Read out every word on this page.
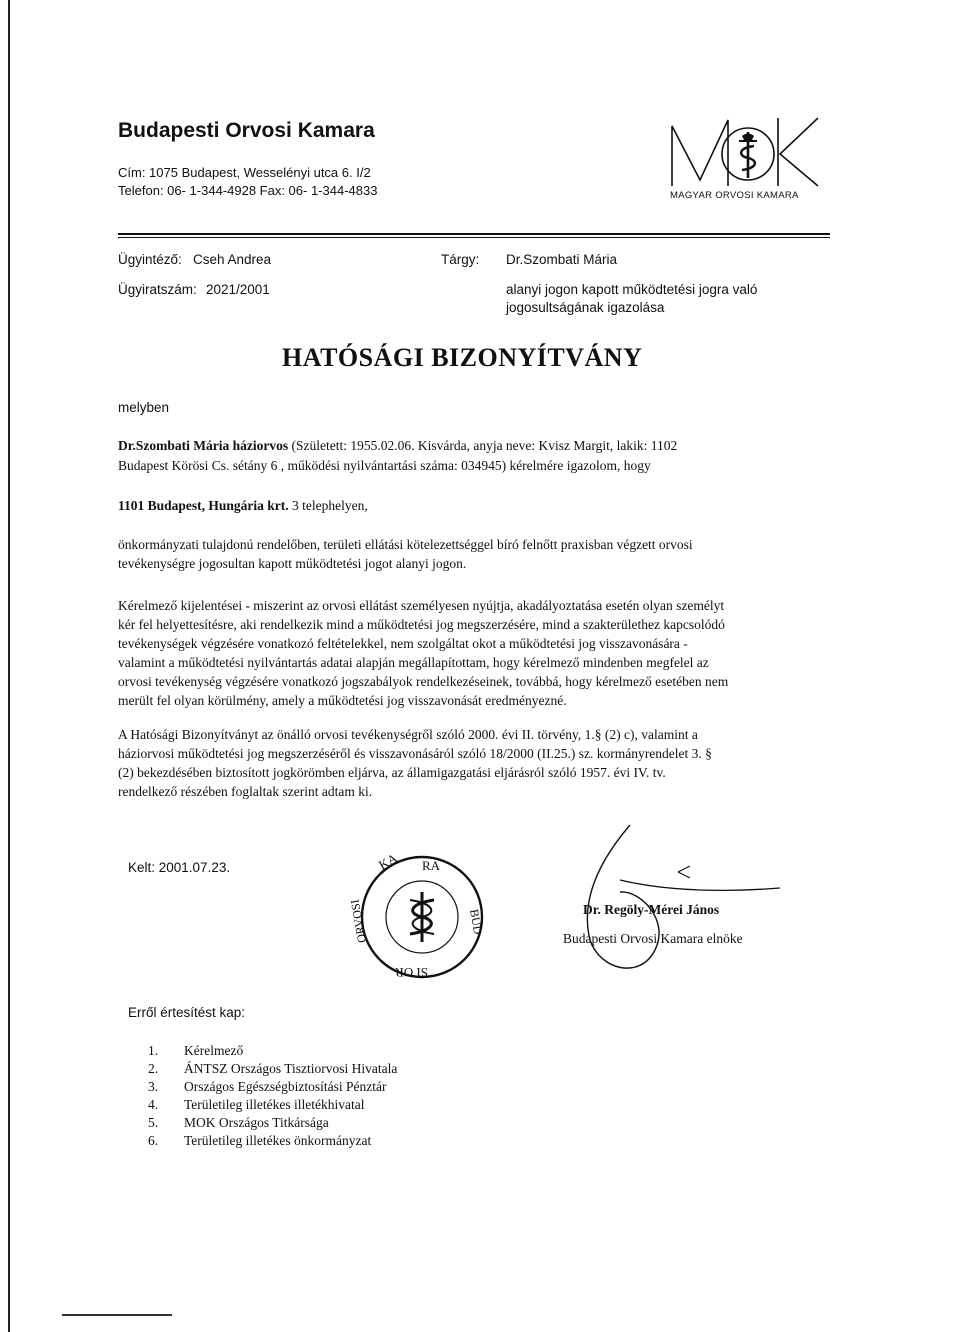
Budapesti Orvosi Kamara
Cím: 1075 Budapest, Wesselényi utca 6. I/2
Telefon: 06- 1-344-4928 Fax: 06- 1-344-4833	MAGYAR ORVOSI KAMARA
Ügyintéző: Cseh Andrea
Ügyiratszám: 2021/2001
Tárgy: Dr.Szombati Mária
alanyi jogon kapott működtetési jogra való
jogosultságának igazolása
HATÓSÁGI BIZONYÍTVÁNY
melyben
Dr.Szombati Mária háziorvos (Született: 1955.02.06. Kisvárda, anyja neve: Kvisz Margit, lakik: 1102
Budapest Körösi Cs. sétány 6 , működési nyilvántartási száma: 034945) kérelmére igazolom, hogy
1101 Budapest, Hungária krt. 3 telephelyen,
önkormányzati tulajdonú rendelőben, területi ellátási kötelezettséggel bíró felnőtt praxisban végzett orvosi
tevékenységre jogosultan kapott működtetési jogot alanyi jogon.
Kérelmező kijelentései - miszerint az orvosi ellátást személyesen nyújtja, akadályoztatása esetén olyan személyt
kér fel helyettesítésre, aki rendelkezik mind a működtetési jog megszerzésére, mind a szakterülethez kapcsolódó
tevékenységek végzésére vonatkozó feltételekkel, nem szolgáltat okot a működtetési jog visszavonására -
valamint a működtetési nyilvántartás adatai alapján megállapítottam, hogy kérelmező mindenben megfelel az
orvosi tevékenység végzésére vonatkozó jogszabályok rendelkezéseinek, továbbá, hogy kérelmező esetében nem
merült fel olyan körülmény, amely a működtetési jog visszavonását eredményezné.
A Hatósági Bizonyítványt az önálló orvosi tevékenységről szóló 2000. évi II. törvény, 1.§ (2) c), valamint a
háziorvosi működtetési jog megszerzéséről és visszavonásáról szóló 18/2000 (II.25.) sz. kormányrendelet 3. §
(2) bekezdésében biztosított jogkörömben eljárva, az államigazgatási eljárásról szóló 1957. évi IV. tv.
rendelkező részében foglaltak szerint adtam ki.
Kelt: 2001.07.23.	KA RA
BUD
SI OR
ORVOSI	Dr. Regöly-Mérei János
Budapesti Orvosi Kamara elnöke
Erről értesítést kap:
1. Kérelmező
2. ÁNTSZ Országos Tisztiorvosi Hivatala
3. Országos Egészségbiztosítási Pénztár
4. Területileg illetékes illetékhivatal
5. MOK Országos Titkársága
6. Területileg illetékes önkormányzat
